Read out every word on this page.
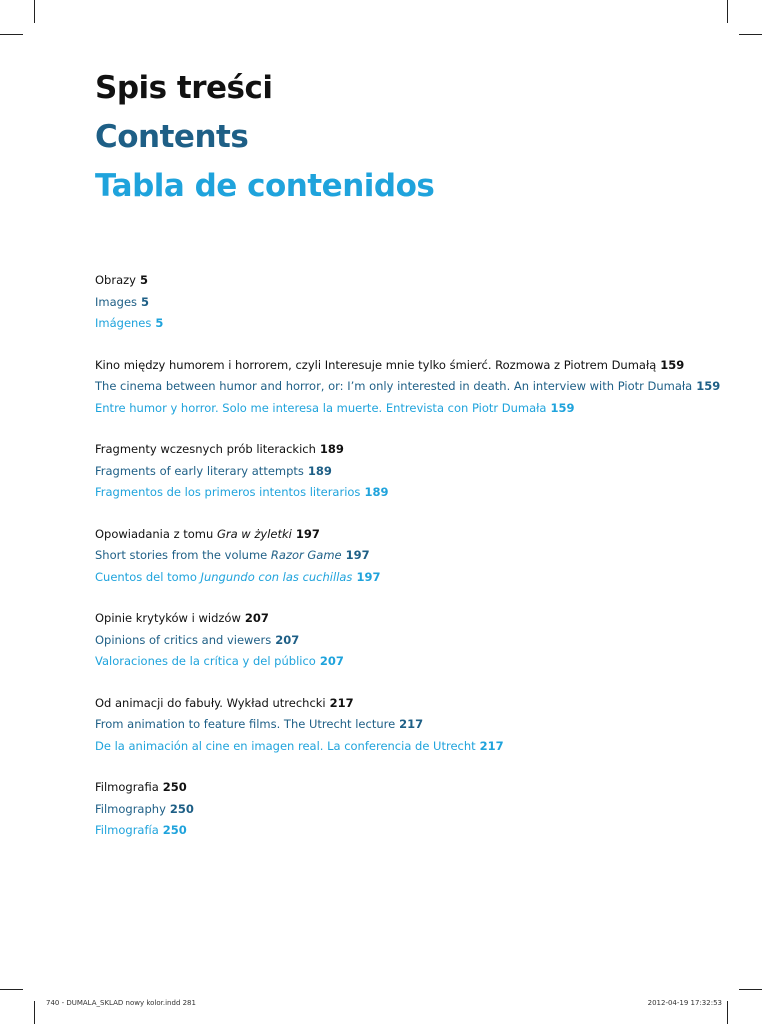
Spis treści
Contents
Tabla de contenidos
Obrazy 5
Images 5
Imágenes 5
Kino między humorem i horrorem, czyli Interesuje mnie tylko śmierć. Rozmowa z Piotrem Dumałą 159
The cinema between humor and horror, or: I’m only interested in death. An interview with Piotr Dumała 159
Entre humor y horror. Solo me interesa la muerte. Entrevista con Piotr Dumała 159
Fragmenty wczesnych prób literackich 189
Fragments of early literary attempts 189
Fragmentos de los primeros intentos literarios 189
Opowiadania z tomu Gra w żyletki 197
Short stories from the volume Razor Game 197
Cuentos del tomo Jungundo con las cuchillas 197
Opinie krytyków i widzów 207
Opinions of critics and viewers 207
Valoraciones de la crítica y del público 207
Od animacji do fabuły. Wykład utrechcki 217
From animation to feature films. The Utrecht lecture 217
De la animación al cine en imagen real. La conferencia de Utrecht 217
Filmografia 250
Filmography 250
Filmografía 250
740 - DUMALA_SKLAD nowy kolor.indd 281	2012-04-19 17:32:53
